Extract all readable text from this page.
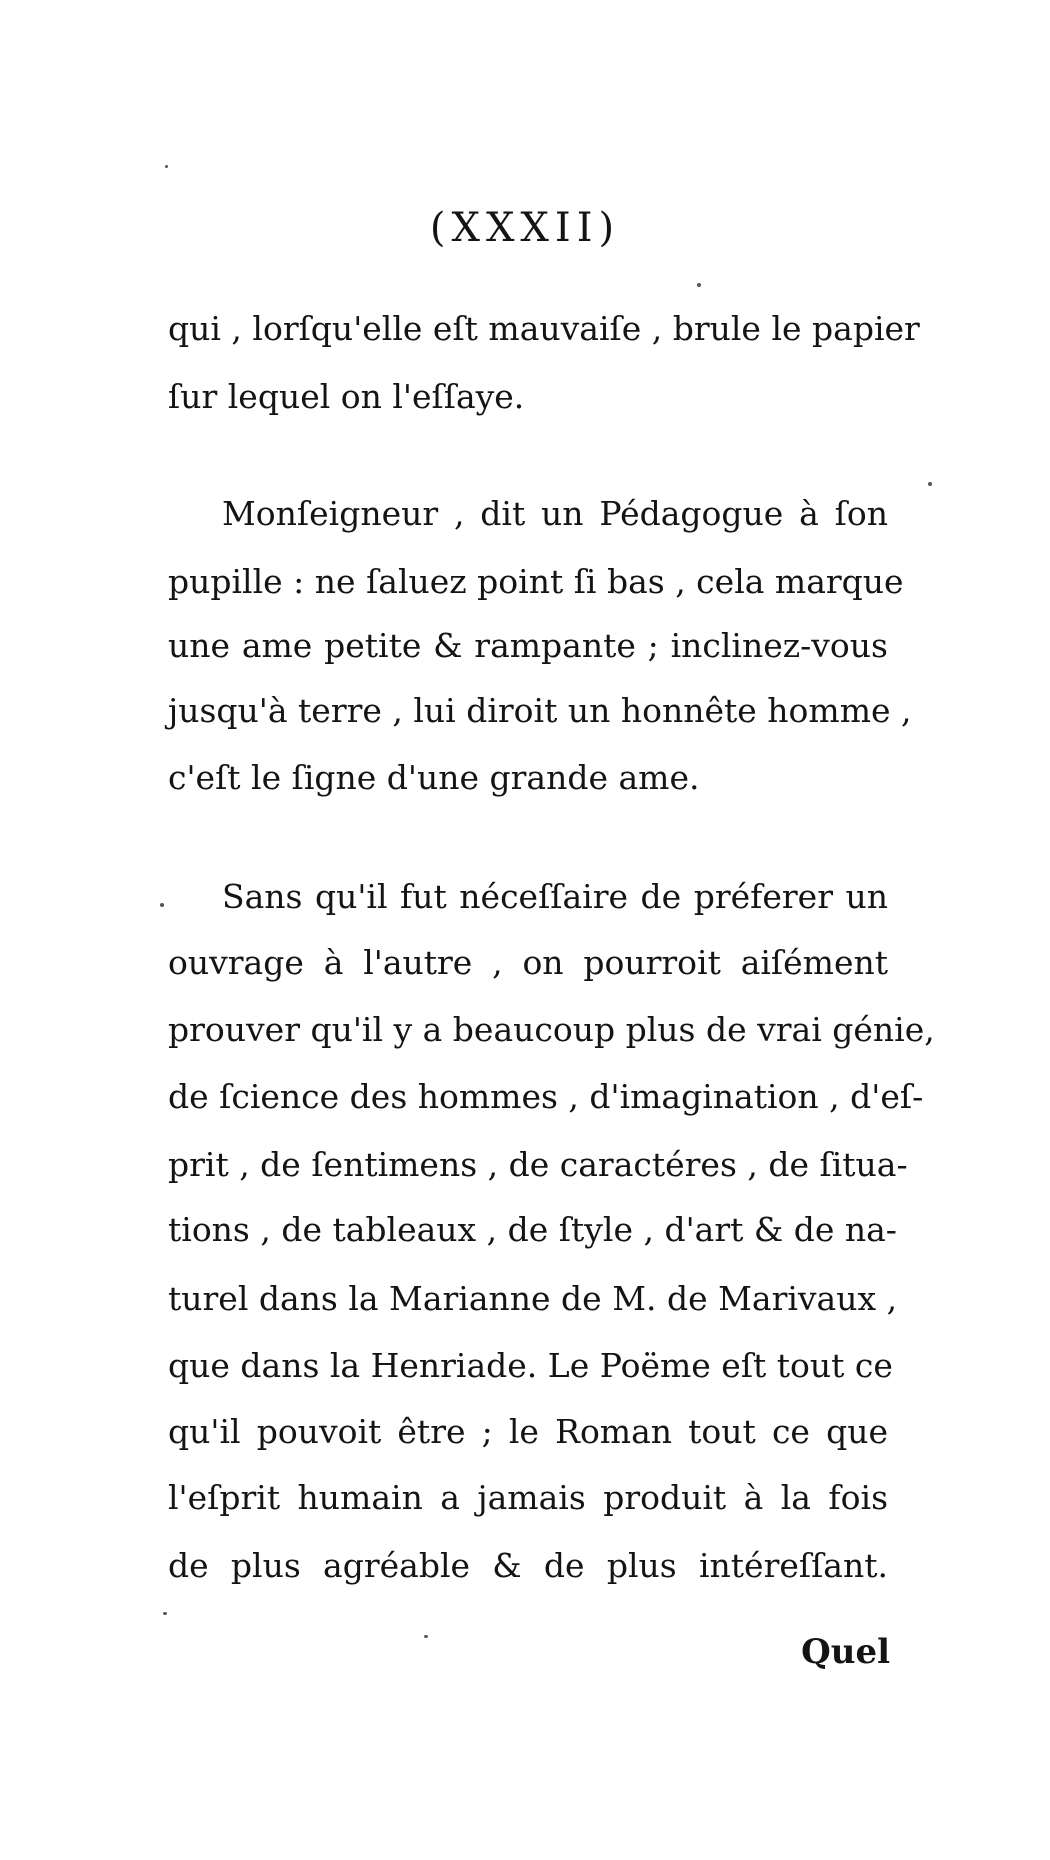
(XXXII)
qui , lorſqu'elle eſt mauvaiſe , brule le papier
ſur lequel on l'eſſaye.
Monſeigneur , dit un Pédagogue à ſon
pupille : ne ſaluez point ſi bas , cela marque
une ame petite & rampante ; inclinez-vous
jusqu'à terre , lui diroit un honnête homme ,
c'eſt le ſigne d'une grande ame.
Sans qu'il fut néceſſaire de préferer un
ouvrage à l'autre , on pourroit aiſément
prouver qu'il y a beaucoup plus de vrai génie,
de ſcience des hommes , d'imagination , d'eſ-
prit , de ſentimens , de caractéres , de ſitua-
tions , de tableaux , de ſtyle , d'art & de na-
turel dans la Marianne de M. de Marivaux ,
que dans la Henriade. Le Poëme eſt tout ce
qu'il pouvoit être ; le Roman tout ce que
l'eſprit humain a jamais produit à la fois
de plus agréable & de plus intéreſſant.
Quel
